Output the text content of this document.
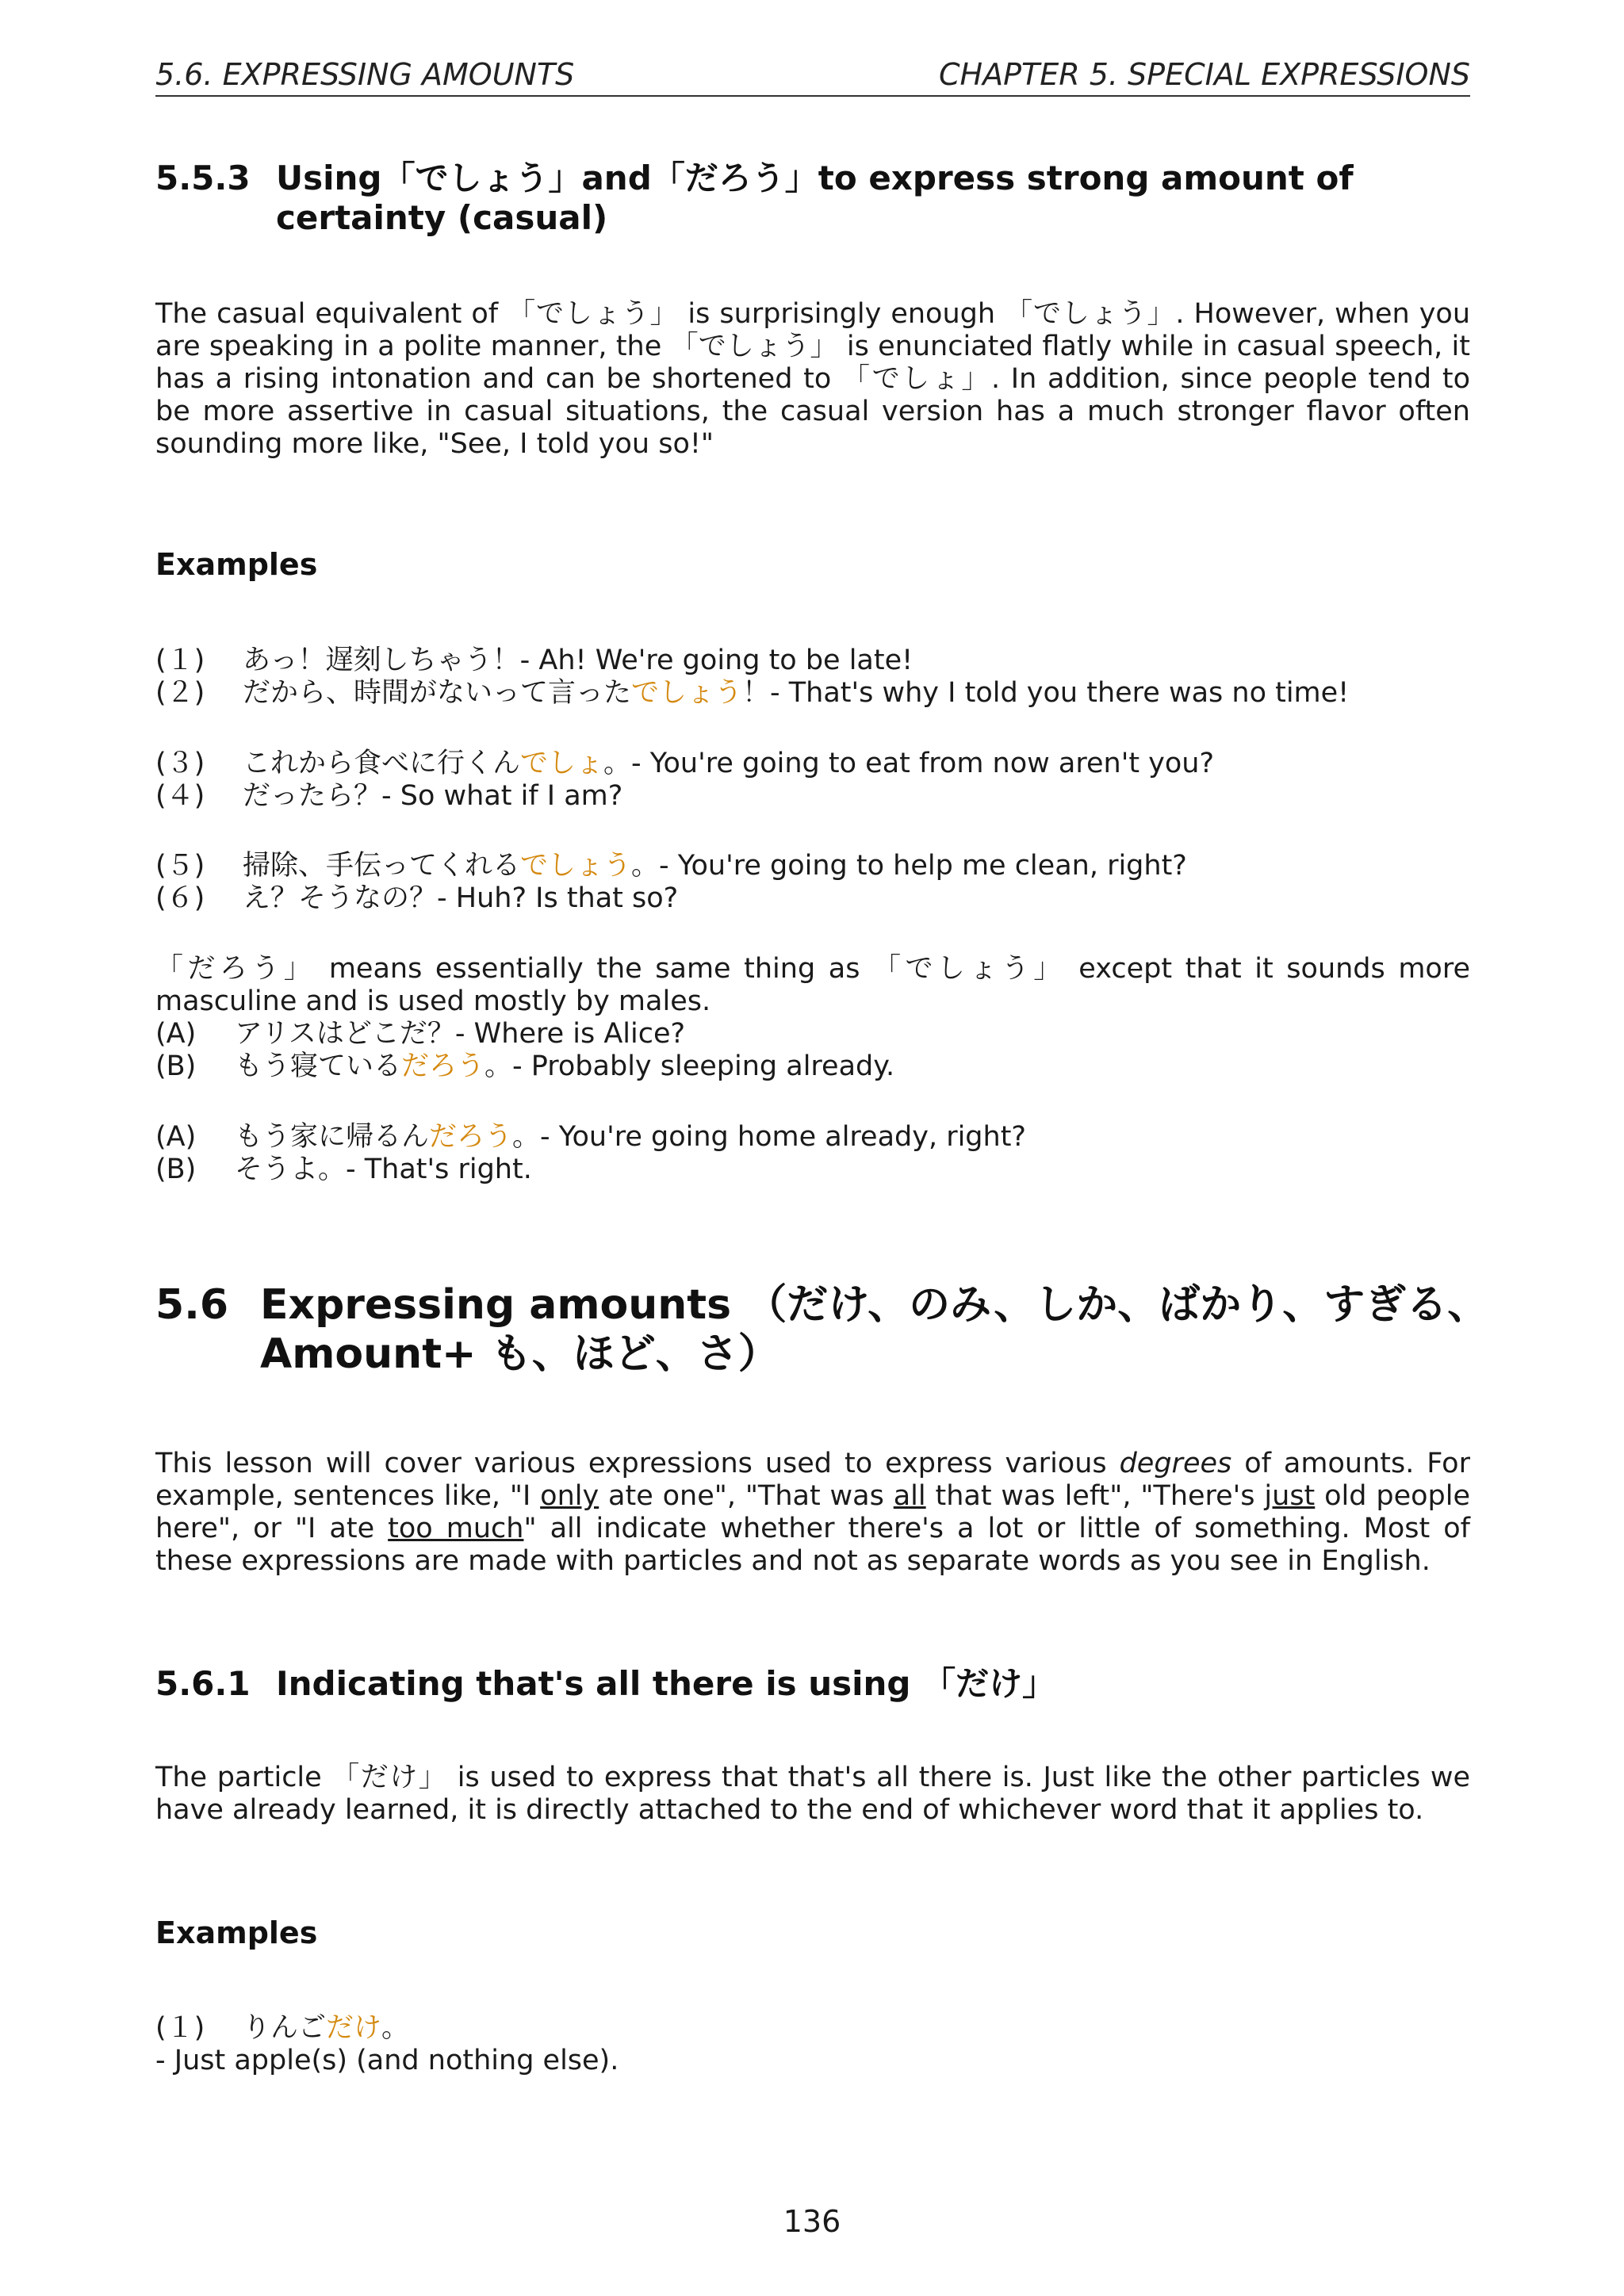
5.6. EXPRESSING AMOUNTS	CHAPTER 5. SPECIAL EXPRESSIONS
5.5.3 Using「でしょう」and「だろう」to express strong amount of certainty (casual)
The casual equivalent of 「でしょう」 is surprisingly enough 「でしょう」. However, when you are speaking in a polite manner, the 「でしょう」 is enunciated flatly while in casual speech, it has a rising intonation and can be shortened to 「でしょ」. In addition, since people tend to be more assertive in casual situations, the casual version has a much stronger flavor often sounding more like, "See, I told you so!"
Examples
(１)	あっ！遅刻しちゃう！ - Ah! We're going to be late!
(２)	だから、時間がないって言った でしょう ！- That's why I told you there was no time!
(３)	これから食べに行くん でしょ 。- You're going to eat from now aren't you?
(４)	だったら？- So what if I am?
(５)	掃除、手伝ってくれる でしょう 。- You're going to help me clean, right?
(６)	え？そうなの？- Huh? Is that so?
「だろう」 means essentially the same thing as 「でしょう」 except that it sounds more masculine and is used mostly by males.
(A)	アリスはどこだ？- Where is Alice?
(B)	もう寝ている だろう 。- Probably sleeping already.
(A)	もう家に帰るん だろう 。- You're going home already, right?
(B)	そうよ。- That's right.
5.6 Expressing amounts （だけ、のみ、しか、ばかり、すぎる、
Amount+ も、ほど、さ）
This lesson will cover various expressions used to express various degrees of amounts. For example, sentences like, "I only ate one", "That was all that was left", "There's just old people here", or "I ate too much" all indicate whether there's a lot or little of something. Most of these expressions are made with particles and not as separate words as you see in English.
5.6.1 Indicating that's all there is using 「だけ」
The particle 「だけ」 is used to express that that's all there is. Just like the other particles we have already learned, it is directly attached to the end of whichever word that it applies to.
Examples
(１)	りんご だけ 。
- Just apple(s) (and nothing else).
136
